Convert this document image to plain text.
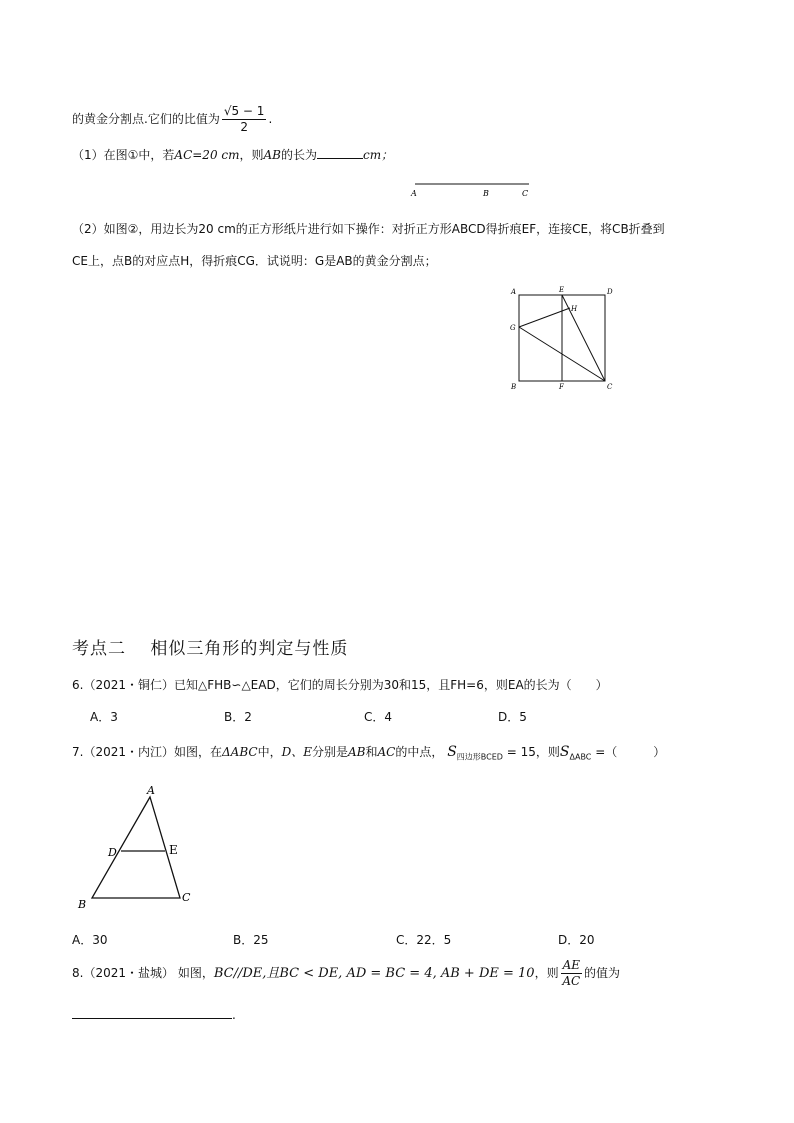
的黄金分割点.它们的比值为 $\frac{√5 - 1}{2}$ .
（1）在图①中，若AC=20 cm，则AB的长为	cm；
A	B	C
（2）如图②，用边长为20 cm的正方形纸片进行如下操作：对折正方形ABCD得折痕EF，连接CE，将CB折叠到
CE上，点B的对应点H，得折痕CG．试说明：G是AB的黄金分割点；
A	E	D
H
G
B	F	C
考点二　 相似三角形的判定与性质
6.（2021・铜仁）已知△FHB∽△EAD，它们的周长分别为30和15，且FH=6，则EA的长为（　　）
A．3	B．2	C．4	D．5
7.（2021・内江）如图，在ΔABC中，D、E分别是AB和AC的中点， $S_{四边形BCED} = 15$，则$S_{\Delta ABC}$ =（　　　）
A
D	E
B
C
A．30	B．25	C．22．5	D．20
8.（2021・盐城） 如图，BC//DE,且BC < DE, AD = BC = 4, AB + DE = 10，则 $\frac{AE}{AC}$ 的值为
.
